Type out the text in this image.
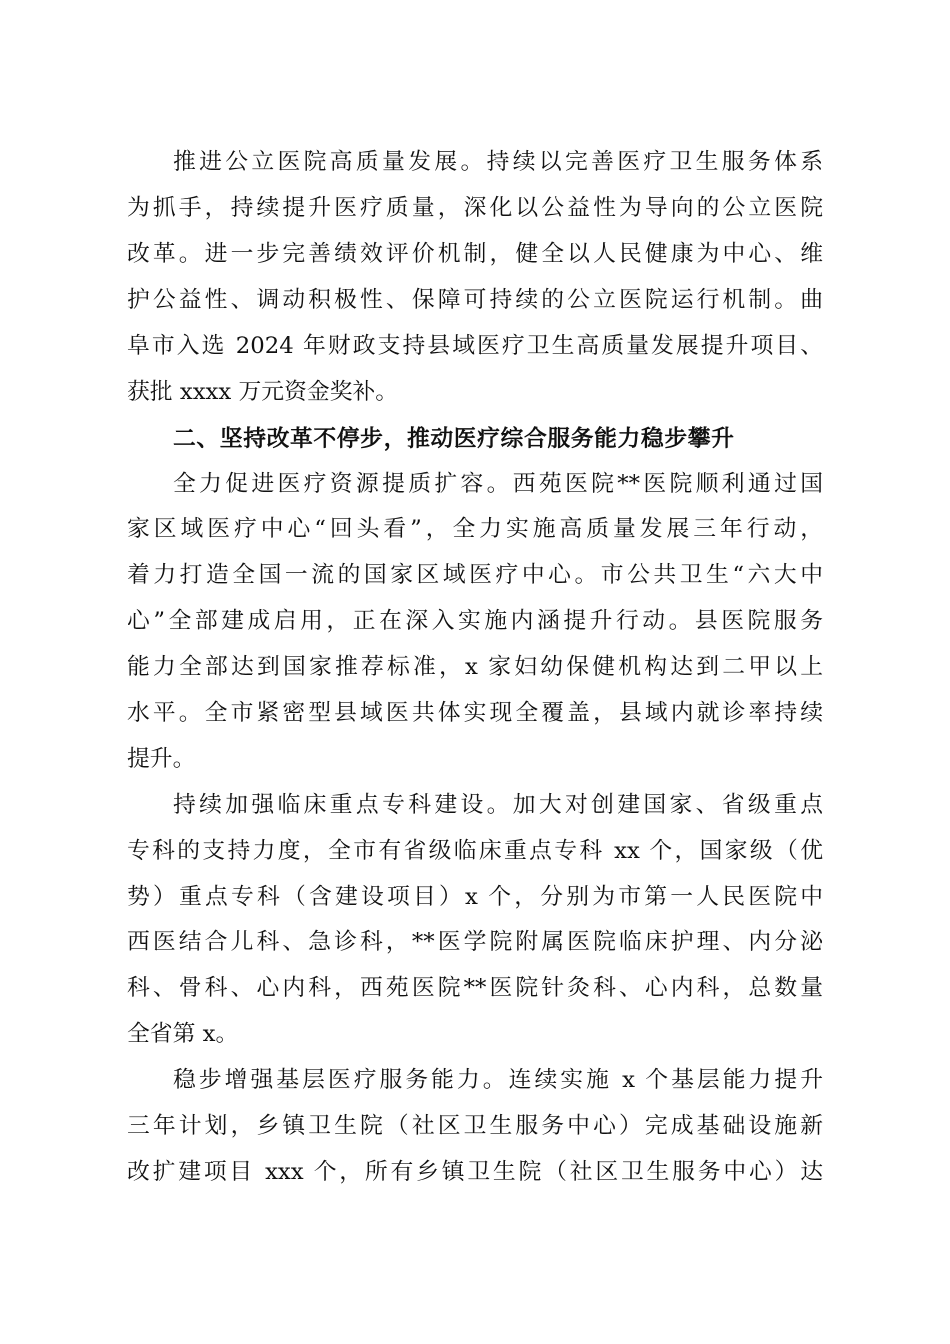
推进公立医院高质量发展。持续以完善医疗卫生服务体系
为抓手，持续提升医疗质量，深化以公益性为导向的公立医院
改革。进一步完善绩效评价机制，健全以人民健康为中心、维
护公益性、调动积极性、保障可持续的公立医院运行机制。曲
阜市入选 2024 年财政支持县域医疗卫生高质量发展提升项目、
获批 xxxx 万元资金奖补。
二、坚持改革不停步，推动医疗综合服务能力稳步攀升
全力促进医疗资源提质扩容。西苑医院**医院顺利通过国
家区域医疗中心“回头看”，全力实施高质量发展三年行动，
着力打造全国一流的国家区域医疗中心。市公共卫生“六大中
心”全部建成启用，正在深入实施内涵提升行动。县医院服务
能力全部达到国家推荐标准，x 家妇幼保健机构达到二甲以上
水平。全市紧密型县域医共体实现全覆盖，县域内就诊率持续
提升。
持续加强临床重点专科建设。加大对创建国家、省级重点
专科的支持力度，全市有省级临床重点专科 xx 个，国家级（优
势）重点专科（含建设项目）x 个，分别为市第一人民医院中
西医结合儿科、急诊科，**医学院附属医院临床护理、内分泌
科、骨科、心内科，西苑医院**医院针灸科、心内科，总数量
全省第 x。
稳步增强基层医疗服务能力。连续实施 x 个基层能力提升
三年计划，乡镇卫生院（社区卫生服务中心）完成基础设施新
改扩建项目 xxx 个，所有乡镇卫生院（社区卫生服务中心）达
